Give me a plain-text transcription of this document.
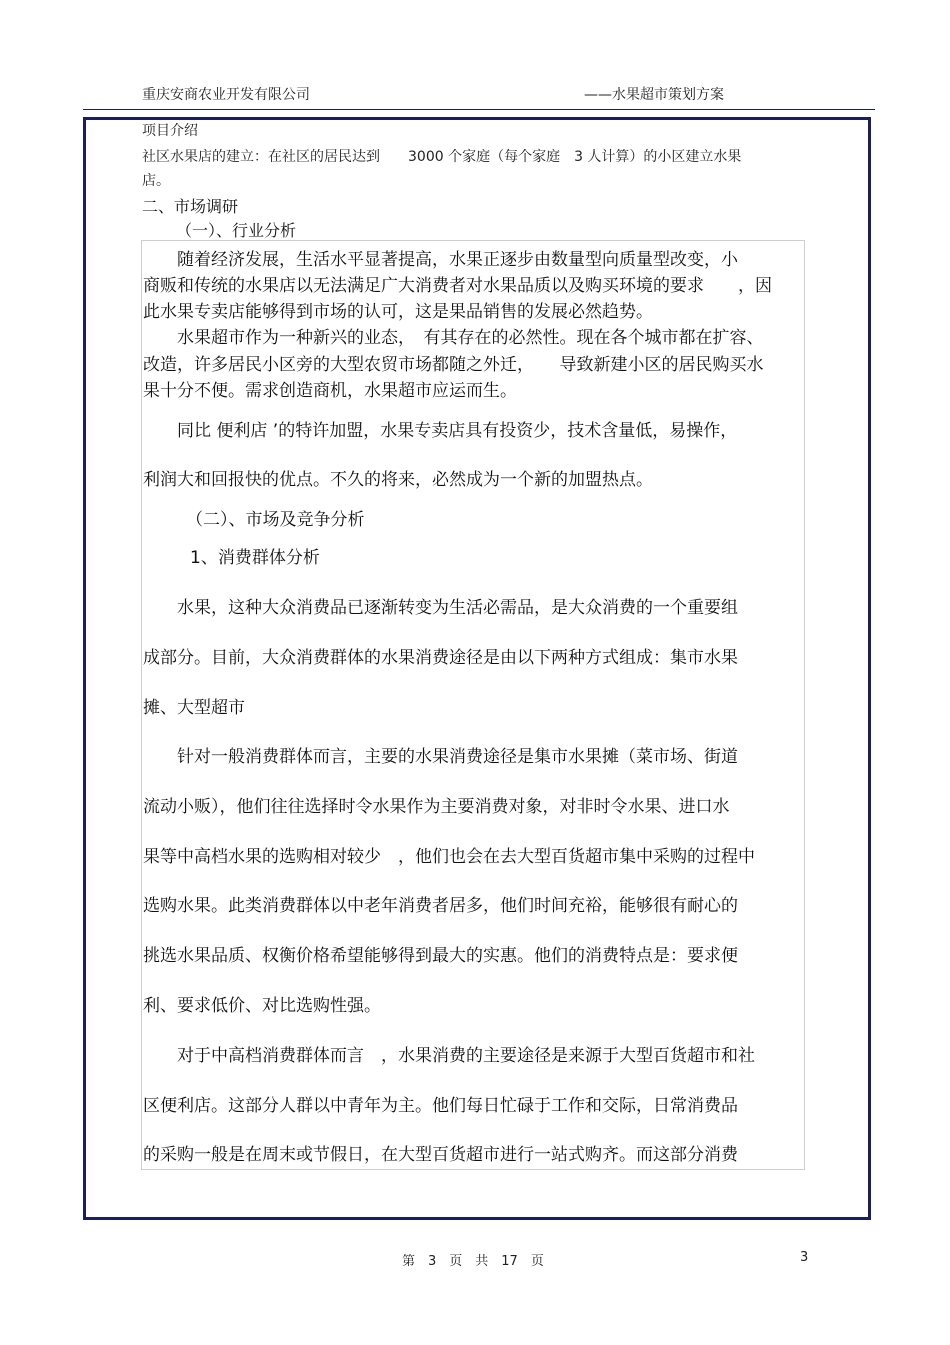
重庆安商农业开发有限公司	——水果超市策划方案
项目介绍
社区水果店的建立：在社区的居民达到　　3000 个家庭（每个家庭　3 人计算）的小区建立水果
店。
二、市场调研
（一）、行业分析
　　随着经济发展，生活水平显著提高，水果正逐步由数量型向质量型改变，小
商贩和传统的水果店以无法满足广大消费者对水果品质以及购买环境的要求　　，因
此水果专卖店能够得到市场的认可，这是果品销售的发展必然趋势。
　　水果超市作为一种新兴的业态，　有其存在的必然性。现在各个城市都在扩容、
改造，许多居民小区旁的大型农贸市场都随之外迁，　　导致新建小区的居民购买水
果十分不便。需求创造商机，水果超市应运而生。
　　同比 便利店 ’的特许加盟，水果专卖店具有投资少，技术含量低，易操作，
利润大和回报快的优点。不久的将来，必然成为一个新的加盟热点。
（二）、市场及竞争分析
1、消费群体分析
　　水果，这种大众消费品已逐渐转变为生活必需品，是大众消费的一个重要组
成部分。目前，大众消费群体的水果消费途径是由以下两种方式组成：集市水果
摊、大型超市
　　针对一般消费群体而言，主要的水果消费途径是集市水果摊（菜市场、街道
流动小贩），他们往往选择时令水果作为主要消费对象，对非时令水果、进口水
果等中高档水果的选购相对较少　，他们也会在去大型百货超市集中采购的过程中
选购水果。此类消费群体以中老年消费者居多，他们时间充裕，能够很有耐心的
挑选水果品质、权衡价格希望能够得到最大的实惠。他们的消费特点是：要求便
利、要求低价、对比选购性强。
　　对于中高档消费群体而言　，水果消费的主要途径是来源于大型百货超市和社
区便利店。这部分人群以中青年为主。他们每日忙碌于工作和交际，日常消费品
的采购一般是在周末或节假日，在大型百货超市进行一站式购齐。而这部分消费
第　3　页　共　17　页	3
